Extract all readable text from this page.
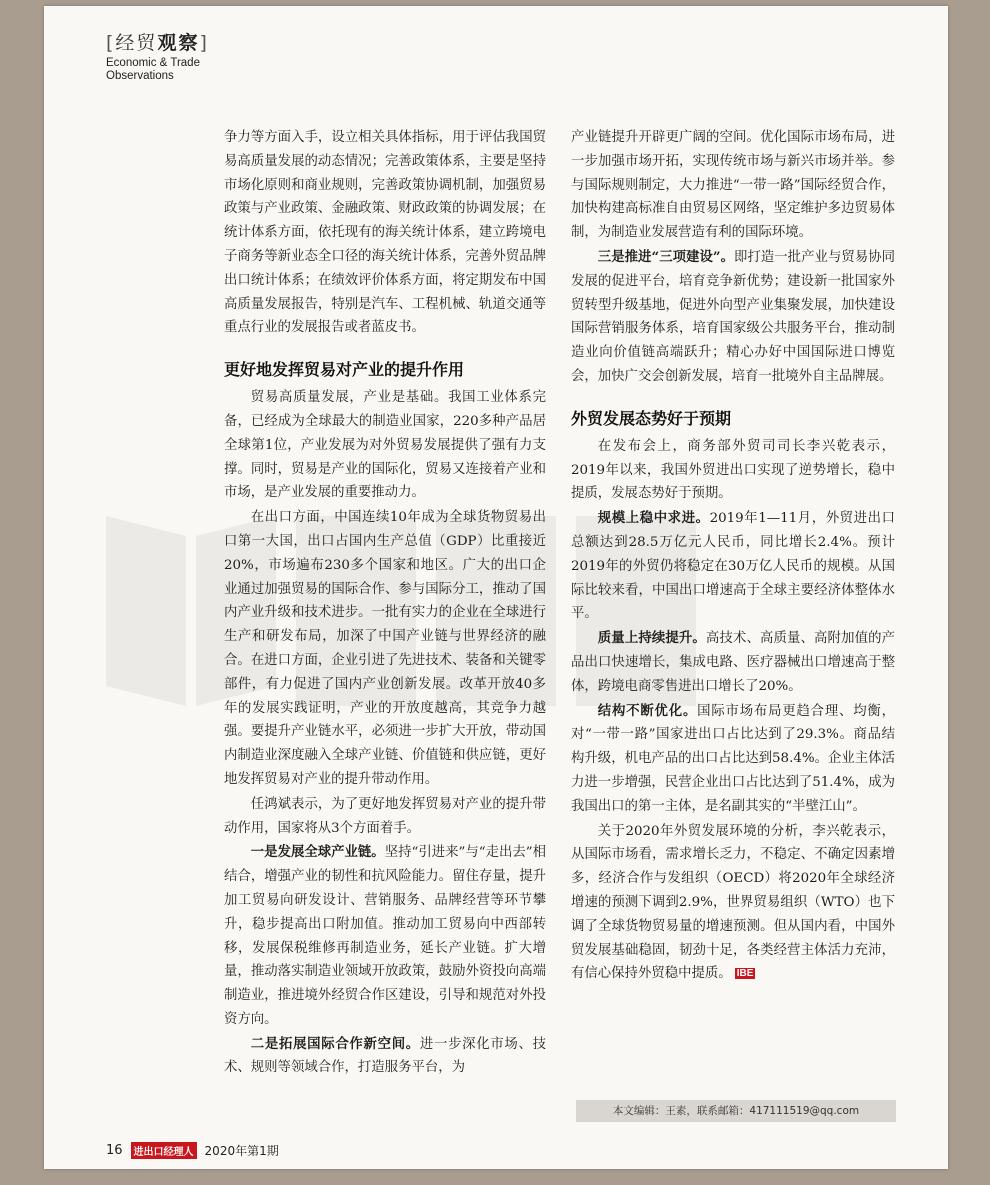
[经贸观察]
Economic & Trade
Observations

争力等方面入手，设立相关具体指标，用于评估我国贸易高质量发展的动态情况；完善政策体系，主要是坚持市场化原则和商业规则，完善政策协调机制，加强贸易政策与产业政策、金融政策、财政政策的协调发展；在统计体系方面，依托现有的海关统计体系，建立跨境电子商务等新业态全口径的海关统计体系，完善外贸品牌出口统计体系；在绩效评价体系方面，将定期发布中国高质量发展报告，特别是汽车、工程机械、轨道交通等重点行业的发展报告或者蓝皮书。

更好地发挥贸易对产业的提升作用

贸易高质量发展，产业是基础。我国工业体系完备，已经成为全球最大的制造业国家，220多种产品居全球第1位，产业发展为对外贸易发展提供了强有力支撑。同时，贸易是产业的国际化，贸易又连接着产业和市场，是产业发展的重要推动力。

在出口方面，中国连续10年成为全球货物贸易出口第一大国，出口占国内生产总值（GDP）比重接近20%，市场遍布230多个国家和地区。广大的出口企业通过加强贸易的国际合作、参与国际分工，推动了国内产业升级和技术进步。一批有实力的企业在全球进行生产和研发布局，加深了中国产业链与世界经济的融合。在进口方面，企业引进了先进技术、装备和关键零部件，有力促进了国内产业创新发展。改革开放40多年的发展实践证明，产业的开放度越高，其竞争力越强。要提升产业链水平，必须进一步扩大开放，带动国内制造业深度融入全球产业链、价值链和供应链，更好地发挥贸易对产业的提升带动作用。

任鸿斌表示，为了更好地发挥贸易对产业的提升带动作用，国家将从3个方面着手。

一是发展全球产业链。坚持“引进来”与“走出去”相结合，增强产业的韧性和抗风险能力。留住存量，提升加工贸易向研发设计、营销服务、品牌经营等环节攀升，稳步提高出口附加值。推动加工贸易向中西部转移，发展保税维修再制造业务，延长产业链。扩大增量，推动落实制造业领域开放政策，鼓励外资投向高端制造业，推进境外经贸合作区建设，引导和规范对外投资方向。

二是拓展国际合作新空间。进一步深化市场、技术、规则等领域合作，打造服务平台，为

产业链提升开辟更广阔的空间。优化国际市场布局，进一步加强市场开拓，实现传统市场与新兴市场并举。参与国际规则制定，大力推进“一带一路”国际经贸合作，加快构建高标准自由贸易区网络，坚定维护多边贸易体制，为制造业发展营造有利的国际环境。

三是推进“三项建设”。即打造一批产业与贸易协同发展的促进平台，培育竞争新优势；建设新一批国家外贸转型升级基地，促进外向型产业集聚发展，加快建设国际营销服务体系，培育国家级公共服务平台，推动制造业向价值链高端跃升；精心办好中国国际进口博览会，加快广交会创新发展，培育一批境外自主品牌展。

外贸发展态势好于预期

在发布会上，商务部外贸司司长李兴乾表示，2019年以来，我国外贸进出口实现了逆势增长，稳中提质，发展态势好于预期。

规模上稳中求进。2019年1—11月，外贸进出口总额达到28.5万亿元人民币，同比增长2.4%。预计2019年的外贸仍将稳定在30万亿人民币的规模。从国际比较来看，中国出口增速高于全球主要经济体整体水平。

质量上持续提升。高技术、高质量、高附加值的产品出口快速增长，集成电路、医疗器械出口增速高于整体，跨境电商零售进出口增长了20%。

结构不断优化。国际市场布局更趋合理、均衡，对“一带一路”国家进出口占比达到了29.3%。商品结构升级，机电产品的出口占比达到58.4%。企业主体活力进一步增强，民营企业出口占比达到了51.4%，成为我国出口的第一主体，是名副其实的“半壁江山”。

关于2020年外贸发展环境的分析，李兴乾表示，从国际市场看，需求增长乏力，不稳定、不确定因素增多，经济合作与发组织（OECD）将2020年全球经济增速的预测下调到2.9%，世界贸易组织（WTO）也下调了全球货物贸易量的增速预测。但从国内看，中国外贸发展基础稳固，韧劲十足，各类经营主体活力充沛，有信心保持外贸稳中提质。 IBE

本文编辑：王素，联系邮箱：417111519@qq.com
16	进出口经理人 2020年第1期
